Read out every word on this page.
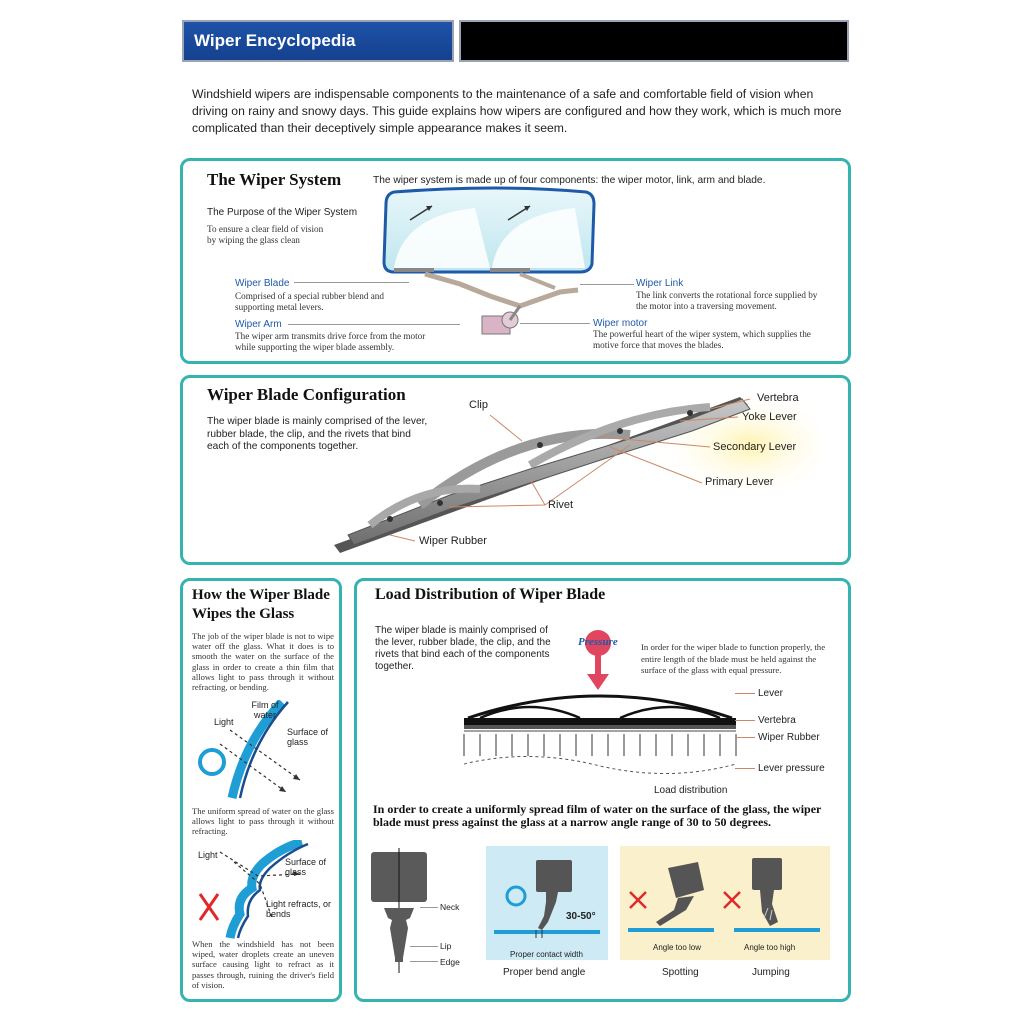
Wiper Encyclopedia
Windshield wipers are indispensable components to the maintenance of a safe and comfortable field of vision when driving on rainy and snowy days. This guide explains how wipers are configured and how they work, which is much more complicated than their deceptively simple appearance makes it seem.
The Wiper System	The wiper system is made up of four components: the wiper motor, link, arm and blade.
The Purpose of the Wiper System
To ensure a clear field of vision by wiping the glass clean
Wiper Blade
Comprised of a special rubber blend and supporting metal levers.
Wiper Arm
The wiper arm transmits drive force from the motor while supporting the wiper blade assembly.
Wiper Link
The link converts the rotational force supplied by the motor into a traversing movement.
Wiper motor
The powerful heart of the wiper system, which supplies the motive force that moves the blades.
Wiper Blade Configuration
The wiper blade is mainly comprised of the lever, rubber blade, the clip, and the rivets that bind each of the components together.
Clip
Vertebra
Yoke Lever
Secondary Lever
Primary Lever
Rivet
Wiper Rubber
How the Wiper Blade Wipes the Glass
The job of the wiper blade is not to wipe water off the glass. What it does is to smooth the water on the surface of the glass in order to create a thin film that allows light to pass through it without refracting, or bending.
Film of water
Light
Surface of glass
The uniform spread of water on the glass allows light to pass through it without refracting.
Light
Surface of glass
Light refracts, or bends
When the windshield has not been wiped, water droplets create an uneven surface causing light to refract as it passes through, ruining the driver's field of vision.
Load Distribution of Wiper Blade
The wiper blade is mainly comprised of the lever, rubber blade, the clip, and the rivets that bind each of the components together.
Pressure	In order for the wiper blade to function properly, the entire length of the blade must be held against the surface of the glass with equal pressure.
Lever
Vertebra
Wiper Rubber
Lever pressure
Load distribution
In order to create a uniformly spread film of water on the surface of the glass, the wiper blade must press against the glass at a narrow angle range of 30 to 50 degrees.
Neck
Lip
Edge
30-50°
Proper contact width
Proper bend angle
Angle too low	Angle too high
Spotting	Jumping
